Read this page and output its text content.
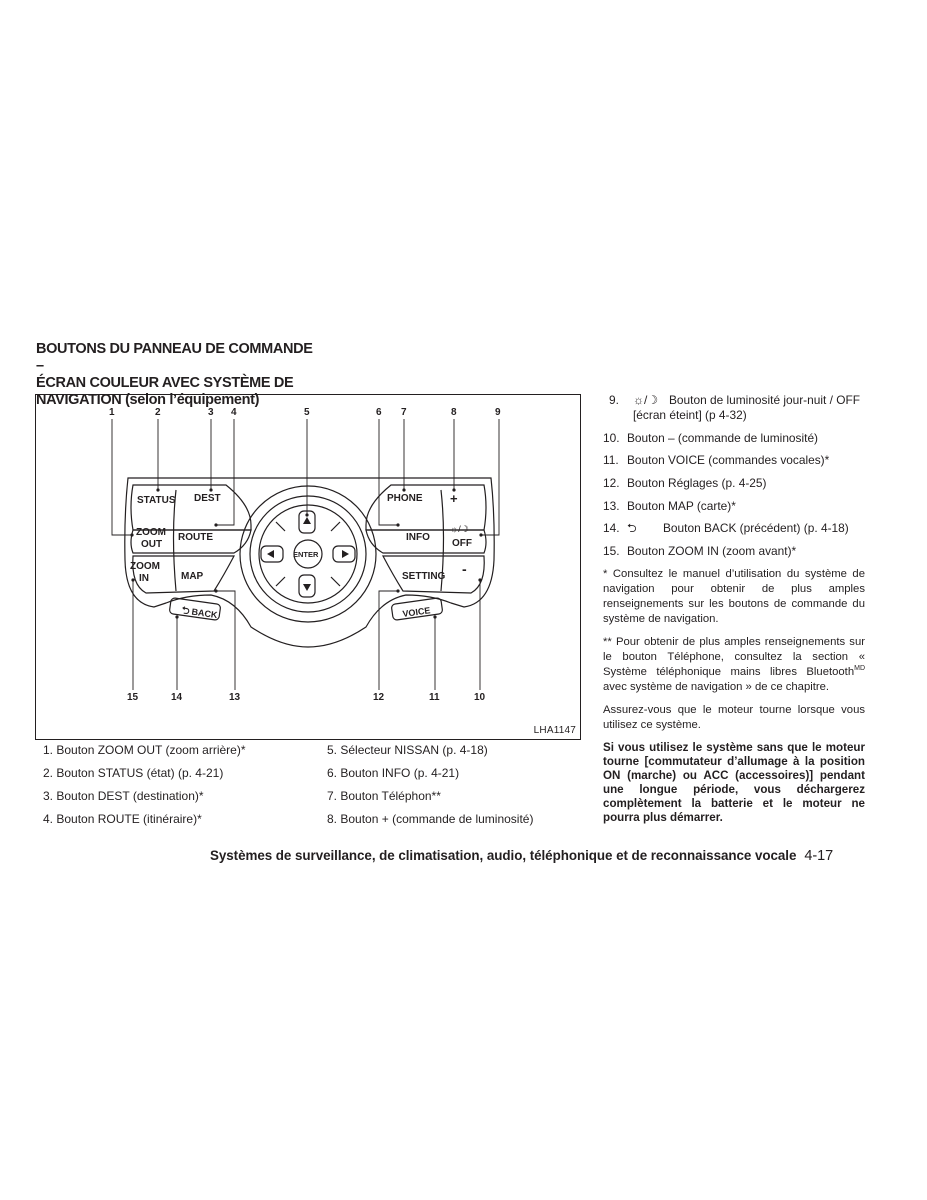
BOUTONS DU PANNEAU DE COMMANDE –
ÉCRAN COULEUR AVEC SYSTÈME DE
NAVIGATION (selon l’équipement)
1	2	3 4	5	6 7	8	9
10
11
12
13
14
15
STATUS DEST
ZOOM
OUT
ROUTE
ZOOM
IN	MAP
BACK
⮌
ENTER
PHONE +
INFO
☼/☽
OFF
SETTING -
VOICE
LHA1147
1. Bouton ZOOM OUT (zoom arrière)*
2. Bouton STATUS (état) (p. 4-21)
3. Bouton DEST (destination)*
4. Bouton ROUTE (itinéraire)*
5. Sélecteur NISSAN (p. 4-18)
6. Bouton INFO (p. 4-21)
7. Bouton Téléphon**
8. Bouton + (commande de luminosité)
9.	☼/☽ Bouton de luminosité jour-nuit / OFF [écran éteint] (p 4-32)
10. Bouton – (commande de luminosité)
11. Bouton VOICE (commandes vocales)*
12. Bouton Réglages (p. 4-25)
13. Bouton MAP (carte)*
14. ⮌ Bouton BACK (précédent) (p. 4-18)
15. Bouton ZOOM IN (zoom avant)*

* Consultez le manuel d’utilisation du système de navigation pour obtenir de plus amples renseignements sur les boutons de commande du système de navigation.

** Pour obtenir de plus amples renseignements sur le bouton Téléphone, consultez la section « Système téléphonique mains libres Bluetooth$^{MD}$ avec système de navigation » de ce chapitre.

Assurez-vous que le moteur tourne lorsque vous utilisez ce système.

Si vous utilisez le système sans que le moteur tourne [commutateur d’allumage à la position ON (marche) ou ACC (accessoires)] pendant une longue période, vous déchargerez complètement la batterie et le moteur ne pourra plus démarrer.

Systèmes de surveillance, de climatisation, audio, téléphonique et de reconnaissance vocale 4-17
